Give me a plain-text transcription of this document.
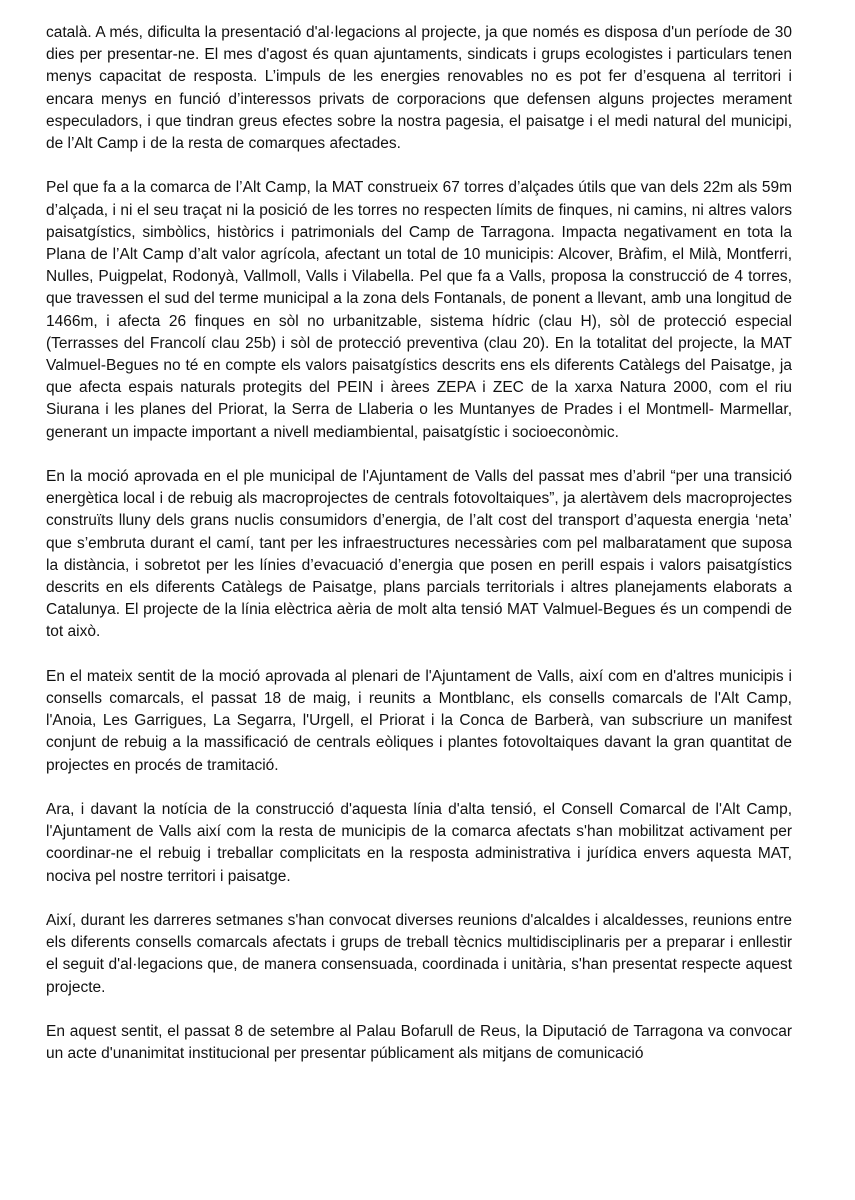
català. A més, dificulta la presentació d'al·legacions al projecte, ja que només es disposa d'un període de 30 dies per presentar-ne. El mes d'agost és quan ajuntaments, sindicats i grups ecologistes i particulars tenen menys capacitat de resposta. L’impuls de les energies renovables no es pot fer d’esquena al territori i encara menys en funció d’interessos privats de corporacions que defensen alguns projectes merament especuladors, i que tindran greus efectes sobre la nostra pagesia, el paisatge i el medi natural del municipi, de l’Alt Camp i de la resta de comarques afectades.

Pel que fa a la comarca de l’Alt Camp, la MAT construeix 67 torres d’alçades útils que van dels 22m als 59m d’alçada, i ni el seu traçat ni la posició de les torres no respecten límits de finques, ni camins, ni altres valors paisatgístics, simbòlics, històrics i patrimonials del Camp de Tarragona. Impacta negativament en tota la Plana de l’Alt Camp d’alt valor agrícola, afectant un total de 10 municipis: Alcover, Bràfim, el Milà, Montferri, Nulles, Puigpelat, Rodonyà, Vallmoll, Valls i Vilabella. Pel que fa a Valls, proposa la construcció de 4 torres, que travessen el sud del terme municipal a la zona dels Fontanals, de ponent a llevant, amb una longitud de 1466m, i afecta 26 finques en sòl no urbanitzable, sistema hídric (clau H), sòl de protecció especial (Terrasses del Francolí clau 25b) i sòl de protecció preventiva (clau 20). En la totalitat del projecte, la MAT Valmuel-Begues no té en compte els valors paisatgístics descrits ens els diferents Catàlegs del Paisatge, ja que afecta espais naturals protegits del PEIN i àrees ZEPA i ZEC de la xarxa Natura 2000, com el riu Siurana i les planes del Priorat, la Serra de Llaberia o les Muntanyes de Prades i el Montmell- Marmellar, generant un impacte important a nivell mediambiental, paisatgístic i socioeconòmic.

En la moció aprovada en el ple municipal de l'Ajuntament de Valls del passat mes d’abril “per una transició energètica local i de rebuig als macroprojectes de centrals fotovoltaiques”, ja alertàvem dels macroprojectes construïts lluny dels grans nuclis consumidors d’energia, de l’alt cost del transport d’aquesta energia ‘neta’ que s’embruta durant el camí, tant per les infraestructures necessàries com pel malbaratament que suposa la distància, i sobretot per les línies d’evacuació d’energia que posen en perill espais i valors paisatgístics descrits en els diferents Catàlegs de Paisatge, plans parcials territorials i altres planejaments elaborats a Catalunya. El projecte de la línia elèctrica aèria de molt alta tensió MAT Valmuel-Begues és un compendi de tot això.

En el mateix sentit de la moció aprovada al plenari de l'Ajuntament de Valls, així com en d'altres municipis i consells comarcals, el passat 18 de maig, i reunits a Montblanc, els consells comarcals de l'Alt Camp, l'Anoia, Les Garrigues, La Segarra, l'Urgell, el Priorat i la Conca de Barberà, van subscriure un manifest conjunt de rebuig a la massificació de centrals eòliques i plantes fotovoltaiques davant la gran quantitat de projectes en procés de tramitació.

Ara, i davant la notícia de la construcció d'aquesta línia d'alta tensió, el Consell Comarcal de l'Alt Camp, l'Ajuntament de Valls així com la resta de municipis de la comarca afectats s'han mobilitzat activament per coordinar-ne el rebuig i treballar complicitats en la resposta administrativa i jurídica envers aquesta MAT, nociva pel nostre territori i paisatge.

Així, durant les darreres setmanes s'han convocat diverses reunions d'alcaldes i alcaldesses, reunions entre els diferents consells comarcals afectats i grups de treball tècnics multidisciplinaris per a preparar i enllestir el seguit d'al·legacions que, de manera consensuada, coordinada i unitària, s'han presentat respecte aquest projecte.

En aquest sentit, el passat 8 de setembre al Palau Bofarull de Reus, la Diputació de Tarragona va convocar un acte d'unanimitat institucional per presentar públicament als mitjans de comunicació
